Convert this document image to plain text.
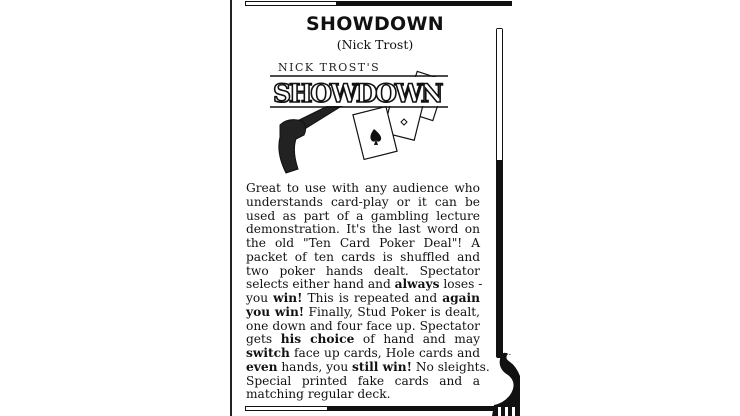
SHOWDOWN
(Nick Trost)
NICK TROST'S
SHOWDOWN
Great to use with any audience who
understands card-play or it can be
used as part of a gambling lecture
demonstration. It's the last word on
the old "Ten Card Poker Deal"! A
packet of ten cards is shuffled and
two poker hands dealt. Spectator
selects either hand and always loses -
you win! This is repeated and again
you win! Finally, Stud Poker is dealt,
one down and four face up. Spectator
gets his choice of hand and may
switch face up cards, Hole cards and
even hands, you still win! No sleights.
Special printed fake cards and a
matching regular deck.
